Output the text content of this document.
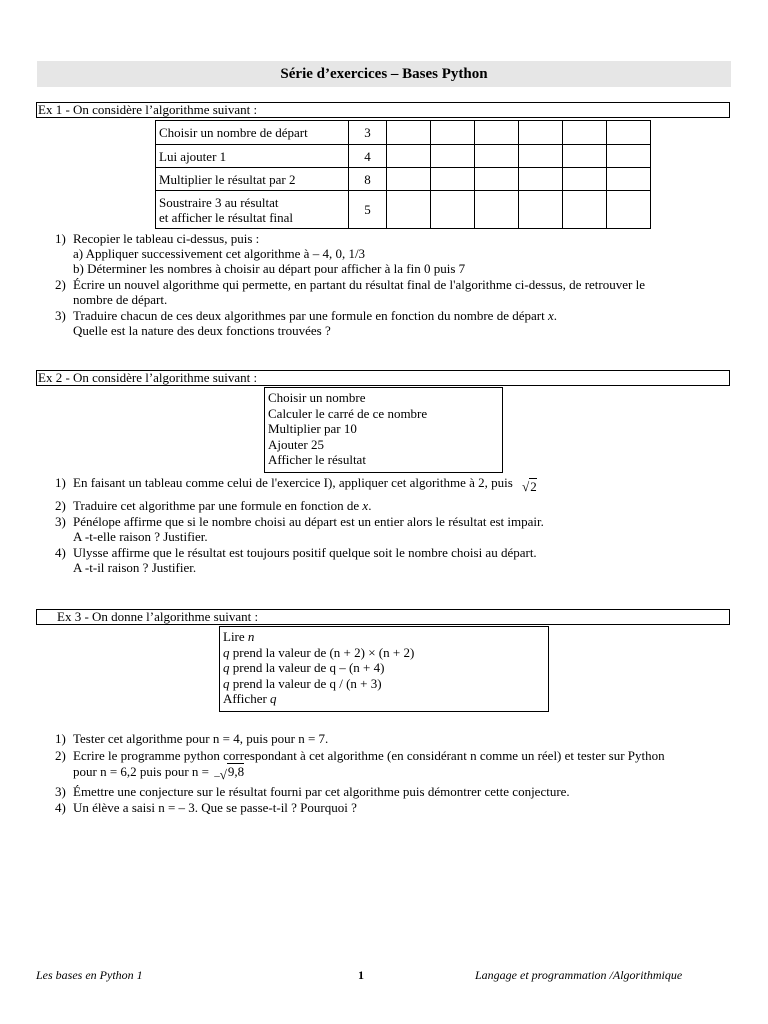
Série d’exercices – Bases Python
Ex 1 - On considère l’algorithme suivant :
Choisir un nombre de départ	3						
Lui ajouter 1	4						
Multiplier le résultat par 2	8						

Soustraire 3 au résultat
et afficher le résultat final	5						
1) Recopier le tableau ci-dessus, puis :
a) Appliquer successivement cet algorithme à – 4, 0, 1/3
b) Déterminer les nombres à choisir au départ pour afficher à la fin 0 puis 7
2) Écrire un nouvel algorithme qui permette, en partant du résultat final de l'algorithme ci-dessus, de retrouver le
nombre de départ.
3) Traduire chacun de ces deux algorithmes par une formule en fonction du nombre de départ x.
Quelle est la nature des deux fonctions trouvées ?
Ex 2 - On considère l’algorithme suivant :
Choisir un nombre
Calculer le carré de ce nombre
Multiplier par 10
Ajouter 25
Afficher le résultat
1) En faisant un tableau comme celui de l'exercice I), appliquer cet algorithme à 2, puis √2
2) Traduire cet algorithme par une formule en fonction de x.
3) Pénélope affirme que si le nombre choisi au départ est un entier alors le résultat est impair.
A -t-elle raison ? Justifier.
4) Ulysse affirme que le résultat est toujours positif quelque soit le nombre choisi au départ.
A -t-il raison ? Justifier.
Ex 3 - On donne l’algorithme suivant :
Lire n
q prend la valeur de (n + 2) × (n + 2)
q prend la valeur de q – (n + 4)
q prend la valeur de q / (n + 3)
Afficher q
1) Tester cet algorithme pour n = 4, puis pour n = 7.
2) Ecrire le programme python correspondant à cet algorithme (en considérant n comme un réel) et tester sur Python
pour n = 6,2 puis pour n = –√9,8
3) Émettre une conjecture sur le résultat fourni par cet algorithme puis démontrer cette conjecture.
4) Un élève a saisi n = – 3. Que se passe-t-il ? Pourquoi ?
Les bases en Python 1	1	Langage et programmation /Algorithmique
